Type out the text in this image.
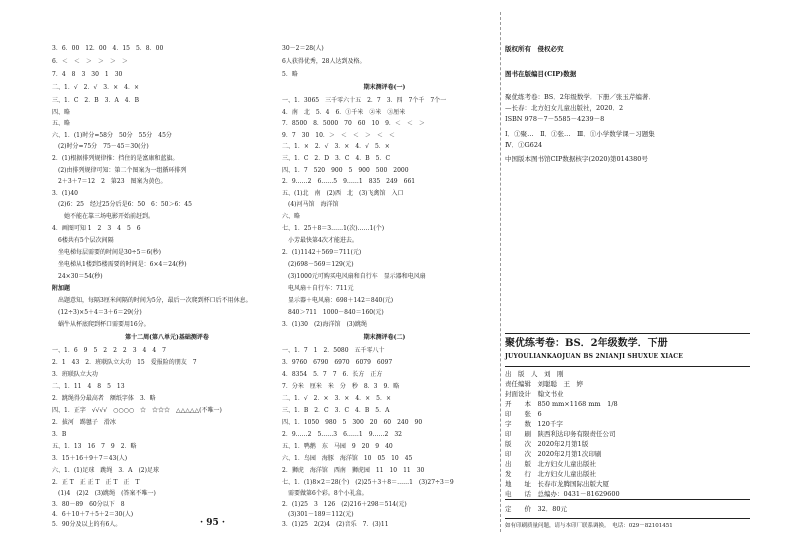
3．6．00　12．00　4．15　5．8．00
6．＜　＜　＞　＞　＞　＞
7．4　8　3　30　1　30
二、1．√　2．√　3．×　4．×
三、1．C　2．B　3．A　4．B
四、略
五、略
六、1．(1)时分=58分　50分　55分　45分
　(2)时分=75分　75－45＝30(分)
2．(1)根据排列规律推：挡住的是富康和蓝旗。
　(2)由排列规律可知：第二个图案为一组循环排列
　2＋3＋7＝12　2　第23　图案为黄色。
3．(1)40
　(2)6：25　经过25分后是6：50　6：50＞6：45
　　她不能在靠三场电影开始前赶到。
4．画图可知 1　2　3　4　5　6
　6楼共有5个层次间隔
　坐电梯每层需要的时间是30÷5＝6(秒)
　坐电梯从1楼到5楼需要的时间是：6×4＝24(秒)
　24×30＝54(秒)
附加题
　出题意知，每隔3厘米间隔的时间为5分，最后一次爬到杯口后不用休息。
　(12÷3)×5＋4＝3＋6＝29(分)
　蜗牛从杯底爬到杯口需要用16分。
第十二周(第八单元)基础测评卷
一、1．6　9　5　2　2　2　3　4　4　7
2．1　43　2．班联队立大功　15　爱报险的朋友　7
3．班联队立大功
二、1．11　4　8　5　13
2．跳绳得分最高者　额纸字体　3．略
四、1．正字　√√√√　○○○○　☆　☆☆☆　△△△△△(不唯一)
2．拔河　踢毽子　滑冰
3．B
五、1．13　16　7　9　2．略
3．15＋16＋9＋7＝43(人)
六、1．(1)足球　跳绳　3．A　(2)足球
2．正 T　正 正 T　正 T　正　T
　(1)4　(2)2　(3)跳绳　(答案不唯一)
3．80－89　60分以下　8
4．6＋10＋7＋5＋2＝30(人)
5．90分及以上的有6人。
30－2＝28(人)
6人获得优秀，28人达到及格。
5．略
期末测评卷(一)
一、1．3065　三千零六十五　2．7　3．四　7个千　7个一
4．南　北　5．4　6．①千米　②米　③厘米
7．8500　8．5000　70　60　10　9．＜　＜　＞
9．7　30　10．＞　＜　＜　＞　＜　＜
二、1．×　2．√　3．×　4．√　5．×
三、1．C　2．D　3．C　4．B　5．C
四、1．7　520　900　5　900　500　2000
2．9……2　6……5　9……1　835　249　661
五、(1)北　南　(2)西　北　(3)飞禽馆　入口
　(4)河马馆　海洋馆
六、略
七、1．25＋8＝3……1(次)……1(个)
　小芳最快第4次才能进去。
2．(1)1142＋569＝711(元)
　(2)698－569＝129(元)
　(3)1000元可购买电风扇和自行车　显示器和电风扇
　电风扇＋自行车：711元
　显示器＋电风扇：698＋142＝840(元)
　840＞711　1000－840＝160(元)
3．(1)30　(2)海洋馆　(3)跳绳
期末测评卷(二)
一、1．7　1　2．5080　五千零八十
3．9760　6790　6970　6079　6097
4．8354　5．7　7　6．长方　正方
7．分米　厘米　米　分　秒　8．3　9．略
二、1．√　2．×　3．×　4．×　5．×
三、1．B　2．C　3．C　4．B　5．A
四、1．1050　980　5　300　20　60　240　90
2．9……2　5……3　6……1　9……2　32
五、1．鸭鹅　东　马园　9　20　9　40
六、1．鸟园　海豚　海洋馆　10　05　10　45
2．狮虎　海洋馆　西南　狮虎园　11　10　11　30
七、1．(1)8×2＝28(个)　(2)25＋3＋8＝……1　(3)27÷3＝9
　需要做第6个彩。8个小礼盒。
2．(1)25　3　126　(2)216＋298＝514(元)
　(3)301－189＝112(元)
3．(1)25　2(2)4　(2)音乐　7．(3)11
版权所有　侵权必究
图书在版编目(CIP)数据
聚优练考卷：BS．2年级数学．下册／张玉芹编著．
—长春：北方妇女儿童出版社，2020．2
ISBN 978－7－5585－4239－8
Ⅰ．①聚…　Ⅱ．①张…　Ⅲ．①小学数学课－习题集
Ⅳ．①G624
中国版本图书馆CIP数据核字(2020)第014380号
聚优练考卷：BS．2年级数学．下册
JUYOULIANKAOJUAN BS 2NIANJI SHUXUE XIACE
出　版　人　刘　刚
责任编辑　刘聪聪　王　婷
封面设计　翰文书业
开　　本　850 mm×1168 mm　1/8
印　　张　6
字　　数　120千字
印　　刷　陕西利达印务有限责任公司
版　　次　2020年2月第1版
印　　次　2020年2月第1次印刷
出　　版　北方妇女儿童出版社
发　　行　北方妇女儿童出版社
地　　址　长春市龙腾国际出版大厦
电　　话　总编办：0431－81629600
定　　价　32．80元
如有印刷质量问题，请与本印厂联系调换。　电话：029－82101451
· 95 ·
